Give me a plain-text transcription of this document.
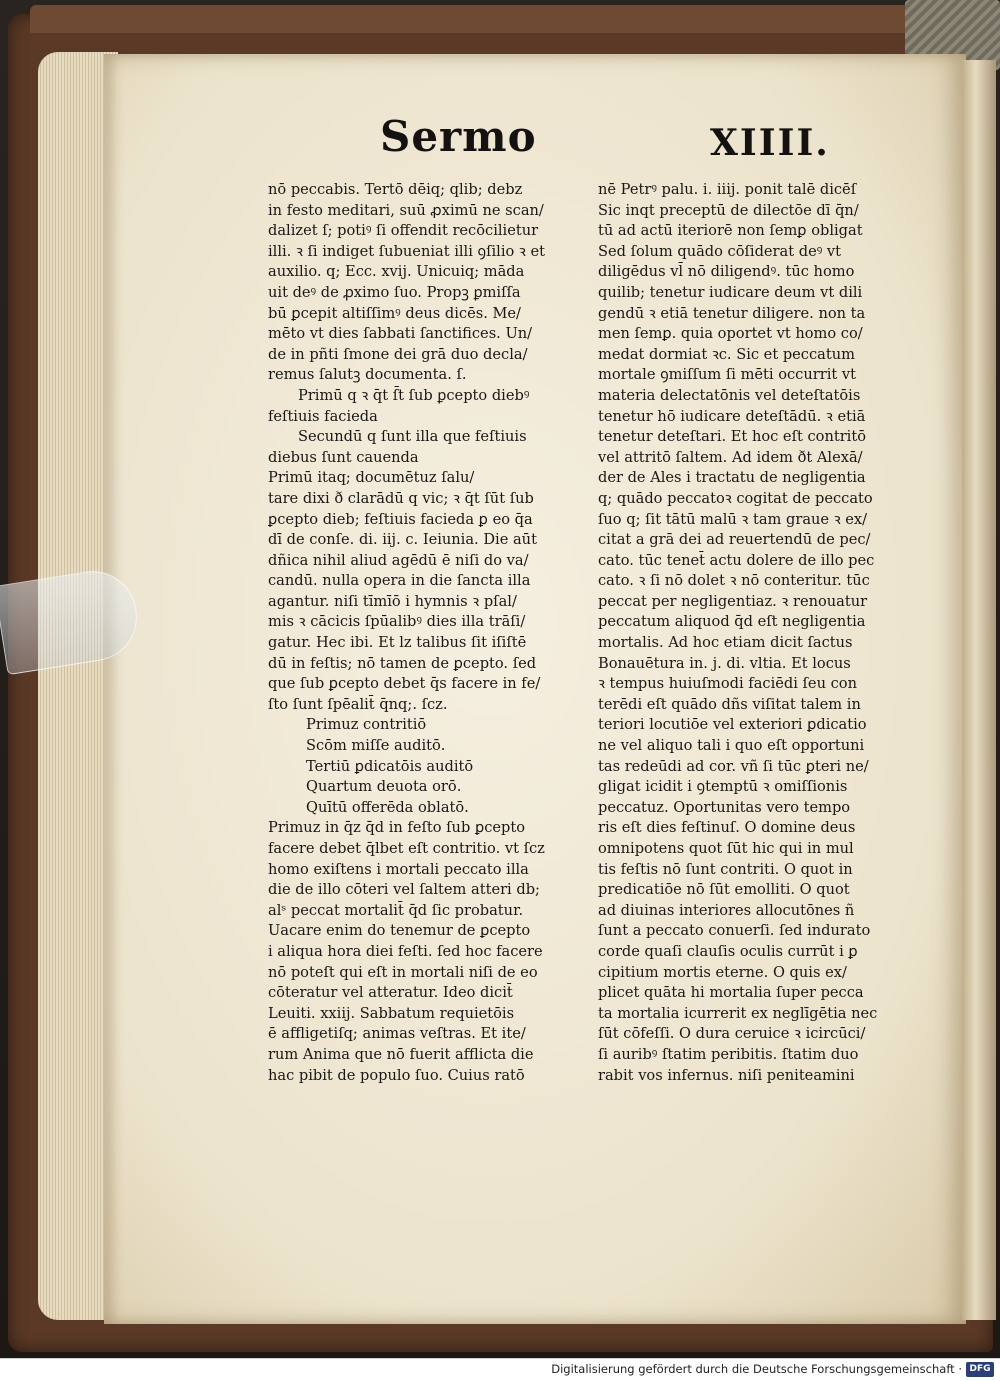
Sermo	XIIII.
nō peccabis. Tertō dēiq; qlib; debz
in festo meditari, suū ꝓximū ne scan/
dalizet ſ; potiꝰ ſi offendit recōcilietur
illi. ꝛ ſi indiget ſubueniat illi ꝯſilio ꝛ et
auxilio. q; Ecc. xvij. Unicuiq; māda
uit deꝰ de ꝓximo ſuo. Propꝫ ꝑmiſſa
bū ꝑcepit altiſſimꝰ deus dicēs. Me/
mēto vt dies ſabbati ſanctifices. Un/
de in pñti ſmone dei grā duo decla/
remus ſalutꝫ documenta. ſ.
Primū q ꝛ q̄t ſ̄t ſub ꝑcepto diebꝰ
feſtiuis facieda
Secundū q ſunt illa que feſtiuis
diebus ſunt cauenda
Primū itaq; documētuz ſalu/
tare dixi ð clarādū q vic; ꝛ q̄t ſūt ſub
ꝑcepto dieb; feſtiuis facieda ꝑ eo q̄a
dī de conſe. di. iij. c. Ieiunia. Die aūt
dñica nihil aliud agēdū ē niſi do va/
candū. nulla opera in die ſancta illa
agantur. niſi tīmīō i hymnis ꝛ pſal/
mis ꝛ cācicis ſpūalibꝰ dies illa trāſi/
gatur. Hec ibi. Et lz talibus ſit iſiſtē
dū in feſtis; nō tamen de ꝑcepto. ſed
que ſub ꝑcepto debet q̄s facere in fe/
ſto ſunt ſpēalit̄ q̄nq;. ſcz.
Primuz contritiō
Scōm miſſe auditō.
Tertiū ꝑdicatōis auditō
Quartum deuota orō.
Quītū offerēda oblatō.
Primuz in q̄z q̄d in feſto ſub ꝑcepto
facere debet q̄lbet eſt contritio. vt ſcz
homo exiſtens i mortali peccato illa
die de illo cōteri vel ſaltem atteri db;
alˢ peccat mortalit̄ q̄d ſic probatur.
Uacare enim do tenemur de ꝑcepto
i aliqua hora diei feſti. ſed hoc facere
nō poteſt qui eſt in mortali niſi de eo
cōteratur vel atteratur. Ideo dicit̄
Leuiti. xxiij. Sabbatum requietōis
ē affligetiſq; animas veſtras. Et ite/
rum Anima que nō fuerit afflicta die
hac pibit de populo ſuo. Cuius ratō
nē Petrꝰ palu. i. iiij. ponit talē dicēſ
Sic inqt preceptū de dilectōe dī q̄n/
tū ad actū iteriorē non ſemꝑ obligat
Sed ſolum quādo cōſiderat deꝰ vt
diligēdus vl̄ nō diligendꝰ. tūc homo
quilib; tenetur iudicare deum vt dili
gendū ꝛ etiā tenetur diligere. non ta
men ſemꝑ. quia oportet vt homo co/
medat dormiat ꝛc. Sic et peccatum
mortale ꝯmiſſum ſi mēti occurrit vt
materia delectatōnis vel deteſtatōis
tenetur hō iudicare deteſtādū. ꝛ etiā
tenetur deteſtari. Et hoc eſt contritō
vel attritō ſaltem. Ad idem ðt Alexā/
der de Ales i tractatu de negligentia
q; quādo peccatoꝛ cogitat de peccato
ſuo q; ſit tātū malū ꝛ tam graue ꝛ ex/
citat a grā dei ad reuertendū de pec/
cato. tūc tenet̄ actu dolere de illo pec
cato. ꝛ ſi nō dolet ꝛ nō conteritur. tūc
peccat per negligentiaz. ꝛ renouatur
peccatum aliquod q̄d eſt negligentia
mortalis. Ad hoc etiam dicit ſactus
Bonauētura in. j. di. vltia. Et locus
ꝛ tempus huiuſmodi faciēdi ſeu con
terēdi eſt quādo dñs viſitat talem in
teriori locutiōe vel exteriori ꝑdicatio
ne vel aliquo tali i quo eſt opportuni
tas redeūdi ad cor. vñ ſi tūc ꝑteri ne/
gligat icidit i ꝯtemptū ꝛ omiſſionis
peccatuz. Oportunitas vero tempo
ris eſt dies feſtinuſ. O domine deus
omnipotens quot ſūt hic qui in mul
tis feſtis nō ſunt contriti. O quot in
predicatiōe nō ſūt emolliti. O quot
ad diuinas interiores allocutōnes ñ
ſunt a peccato conuerſi. ſed indurato
corde quaſi clauſis oculis currūt i ꝑ
cipitium mortis eterne. O quis ex/
plicet quāta hi mortalia ſuper pecca
ta mortalia icurrerit ex neglīgētia nec
ſūt cōfeſſi. O dura ceruice ꝛ icircūci/
ſi auribꝰ ſtatim peribitis. ſtatim duo
rabit vos infernus. niſi peniteamini
Digitalisierung gefördert durch die Deutsche Forschungsgemeinschaft · DFG
